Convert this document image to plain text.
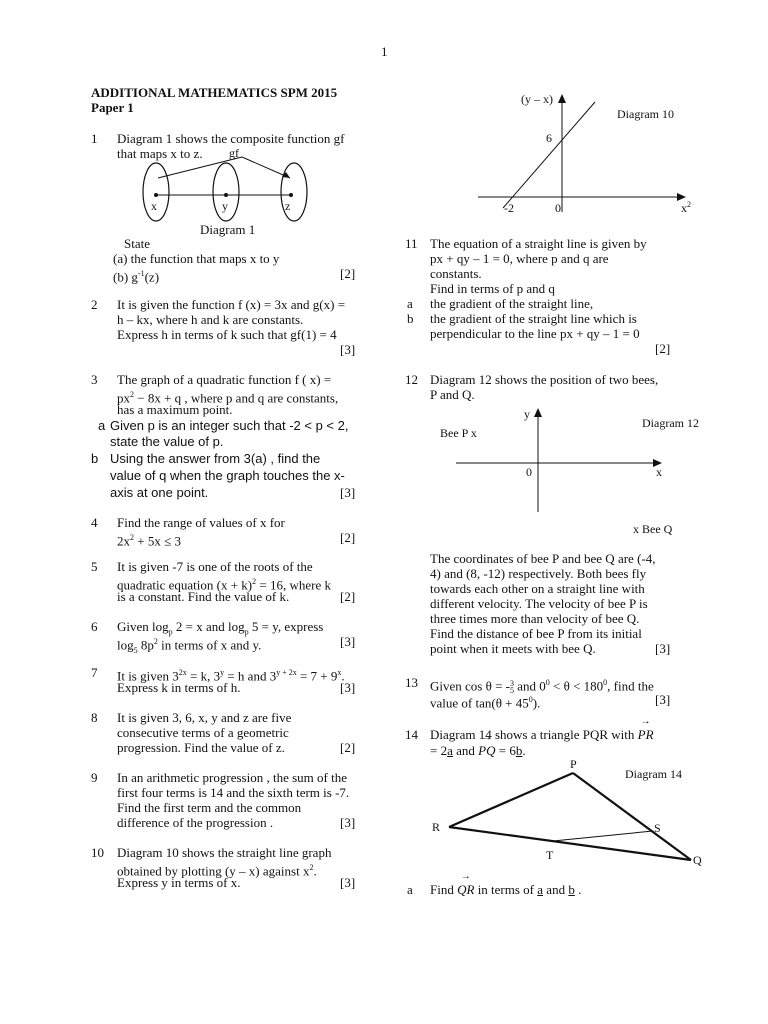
1
ADDITIONAL MATHEMATICS SPM 2015
Paper 1
1 Diagram 1 shows the composite function gf
that maps x to z. gf
x	y	z
Diagram 1
State
(a) the function that maps x to y
(b) $g^{-1}(z)$	[2]
2 It is given the function f (x) = 3x and g(x) =
h – kx, where h and k are constants.
Express h in terms of k such that gf(1) = 4
[3]
3 The graph of a quadratic function f ( x) =
$px^2 - 8x + q$ , where p and q are constants,
has a maximum point.
a Given p is an integer such that -2 < p < 2,
state the value of p.
b Using the answer from 3(a) , find the
value of q when the graph touches the x-
axis at one point.	[3]
4 Find the range of values of x for
$2x^2 + 5x \le 3$	[2]
5 It is given -7 is one of the roots of the
quadratic equation $(x + k)^2 = 16$, where k
is a constant. Find the value of k.	[2]
6 Given $\log_p 2 = x$ and $\log_p 5 = y$, express
$\log_5 8p^2$ in terms of x and y.	[3]
7 It is given $3^{2x} = k$, $3^y = h$ and $3^{y + 2x} = 7 + 9^x$.
Express k in terms of h.	[3]
8 It is given 3, 6, x, y and z are five
consecutive terms of a geometric
progression. Find the value of z.	[2]
9 In an arithmetic progression , the sum of the
first four terms is 14 and the sixth term is -7.
Find the first term and the common
difference of the progression .	[3]
10 Diagram 10 shows the straight line graph
obtained by plotting (y – x) against $x^2$.
Express y in terms of x.	[3]
(y – x)
Diagram 10
6
-2	0	$x^2$
11 The equation of a straight line is given by
px + qy – 1 = 0, where p and q are
constants.
Find in terms of p and q
a the gradient of the straight line,
b the gradient of the straight line which is
perpendicular to the line px + qy – 1 = 0
[2]
12 Diagram 12 shows the position of two bees,
P and Q.
y
Diagram 12
Bee P x
0	x
x Bee Q
The coordinates of bee P and bee Q are (-4,
4) and (8, -12) respectively. Both bees fly
towards each other on a straight line with
different velocity. The velocity of bee P is
three times more than velocity of bee Q.
Find the distance of bee P from its initial
point when it meets with bee Q.	[3]
13 Given cos θ = -3
5 and $0^0 < \theta < 180^0$, find the
value of $\tan(\theta + 45^0)$.	[3]
14 Diagram 14 shows a triangle PQR with → PR
= 2a and → PQ = 6b.
P
Diagram 14
R	S
T	Q
a Find → QR in terms of a and b .
